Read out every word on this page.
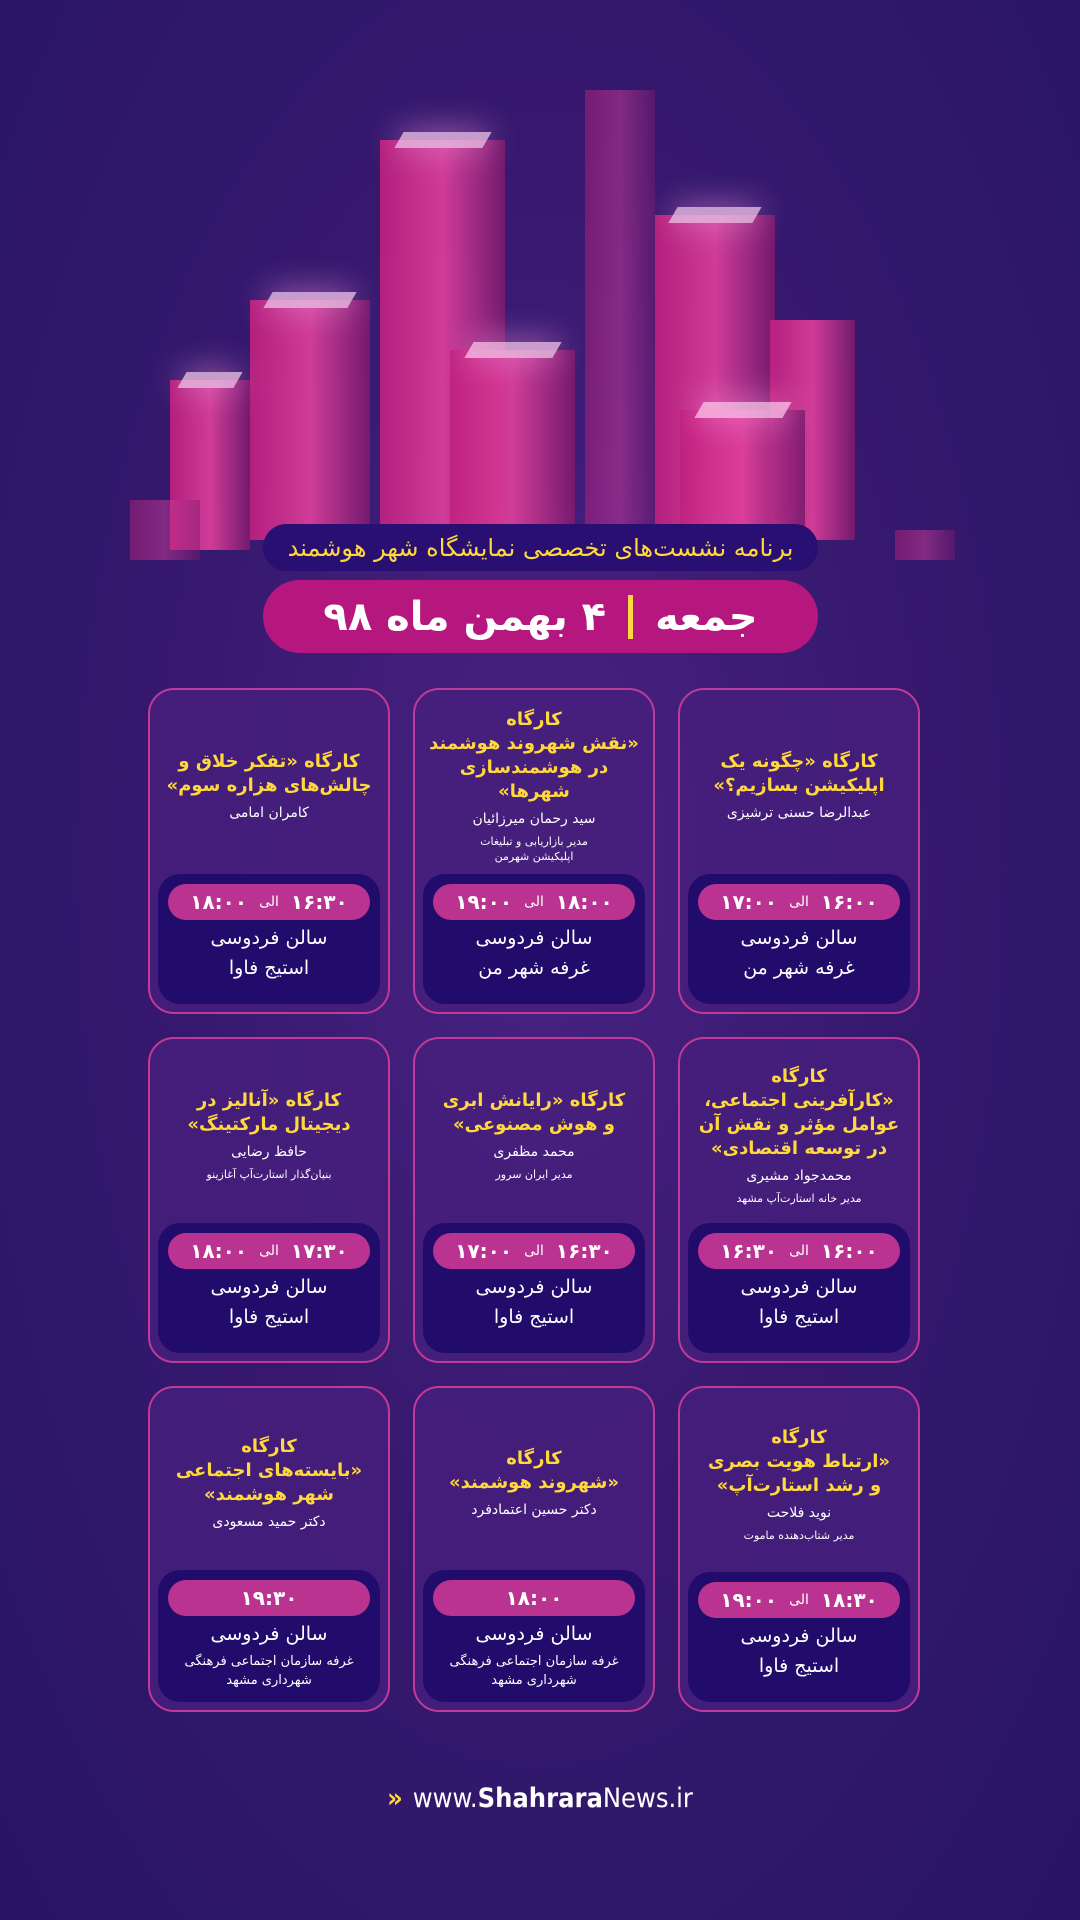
برنامه نشست‌های تخصصی نمایشگاه شهر هوشمند
جمعه
۴ بهمن ماه ۹۸
کارگاه «چگونه یک
اپلیکیشن بسازیم؟»
عبدالرضا حسنی ترشیزی
۱۶:۰۰
الی
۱۷:۰۰
سالن فردوسی
غرفه شهر من
کارگاه
«نقش شهروند هوشمند
در هوشمندسازی شهرها»
سید رحمان میرزائیان
مدیر بازاریابی و تبلیغات
اپلیکیشن شهرمن
۱۸:۰۰
الی
۱۹:۰۰
سالن فردوسی
غرفه شهر من
کارگاه «تفکر خلاق و
چالش‌های هزاره سوم»
کامران امامی
۱۶:۳۰
الی
۱۸:۰۰
سالن فردوسی
استیج فاوا
کارگاه
«کارآفرینی اجتماعی،
عوامل مؤثر و نقش آن
در توسعه اقتصادی»
محمدجواد مشیری
مدیر خانه استارت‌آپ مشهد
۱۶:۰۰
الی
۱۶:۳۰
سالن فردوسی
استیج فاوا
کارگاه «رایانش ابری
و هوش مصنوعی»
محمد مظفری
مدیر ایران سرور
۱۶:۳۰
الی
۱۷:۰۰
سالن فردوسی
استیج فاوا
کارگاه «آنالیز در
دیجیتال مارکتینگ»
حافظ رضایی
بنیان‌گذار استارت‌آپ آغازینو
۱۷:۳۰
الی
۱۸:۰۰
سالن فردوسی
استیج فاوا
کارگاه
«ارتباط هویت بصری
و رشد استارت‌آپ»
نوید فلاحت
مدیر شتاب‌دهنده ماموت
۱۸:۳۰
الی
۱۹:۰۰
سالن فردوسی
استیج فاوا
کارگاه
«شهروند هوشمند»
دکتر حسین اعتمادفرد
۱۸:۰۰
سالن فردوسی
غرفه سازمان اجتماعی فرهنگی
شهرداری مشهد
کارگاه
«بایسته‌های اجتماعی
شهر هوشمند»
دکتر حمید مسعودی
۱۹:۳۰
سالن فردوسی
غرفه سازمان اجتماعی فرهنگی
شهرداری مشهد
» www.ShahraraNews.ir
